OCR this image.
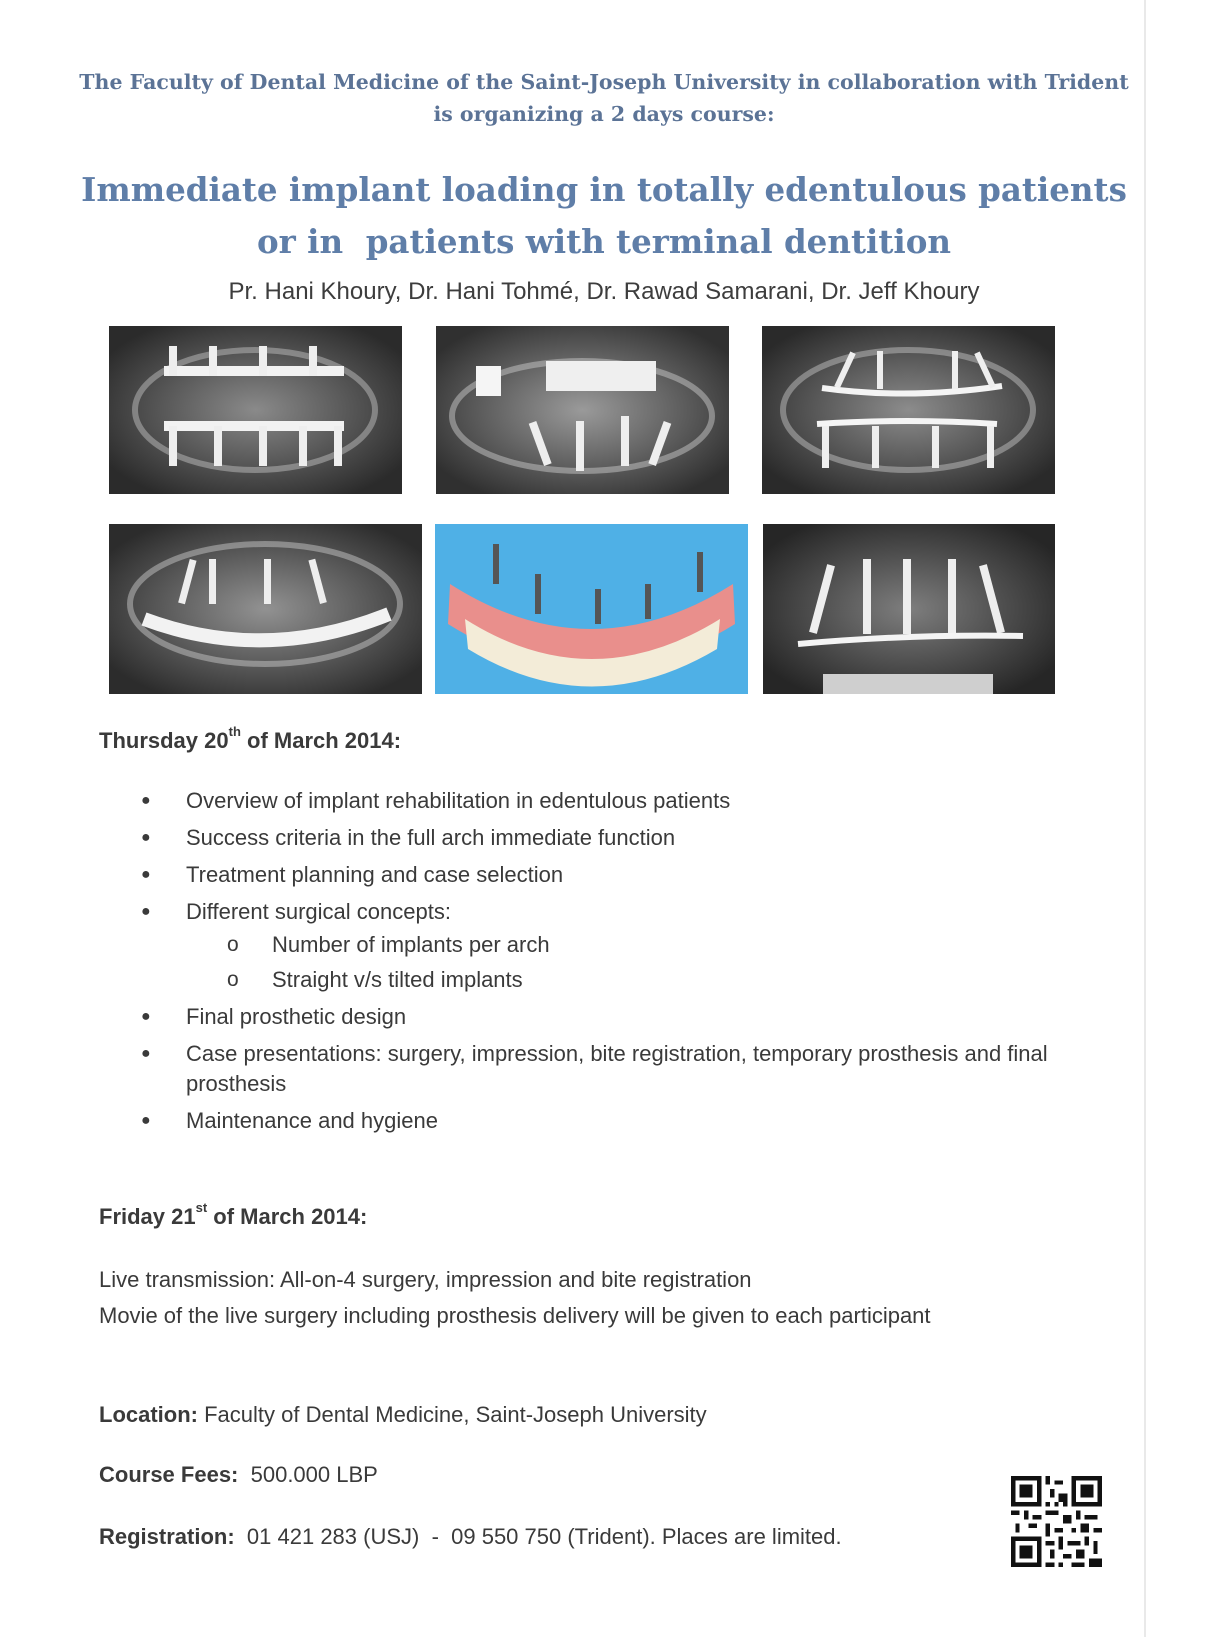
The Faculty of Dental Medicine of the Saint-Joseph University in collaboration with Trident
is organizing a 2 days course:
Immediate implant loading in totally edentulous patients
or in  patients with terminal dentition
Pr. Hani Khoury, Dr. Hani Tohmé, Dr. Rawad Samarani, Dr. Jeff Khoury
Thursday 20th of March 2014:
● Overview of implant rehabilitation in edentulous patients
● Success criteria in the full arch immediate function
● Treatment planning and case selection
● Different surgical concepts:
o Number of implants per arch
o Straight v/s tilted implants
● Final prosthetic design
● Case presentations: surgery, impression, bite registration, temporary prosthesis and final prosthesis
● Maintenance and hygiene
Friday 21st of March 2014:
Live transmission: All-on-4 surgery, impression and bite registration
Movie of the live surgery including prosthesis delivery will be given to each participant
Location: Faculty of Dental Medicine, Saint-Joseph University
Course Fees:  500.000 LBP
Registration:  01 421 283 (USJ)  -  09 550 750 (Trident). Places are limited.
